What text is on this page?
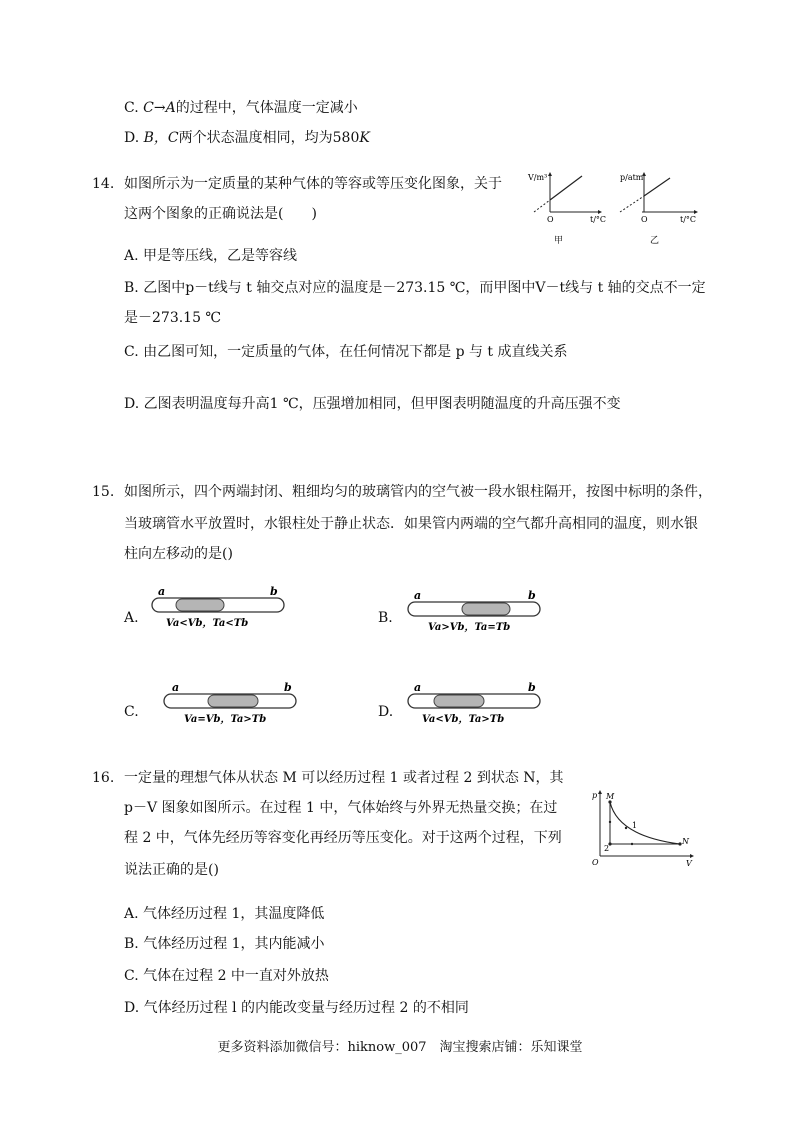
C. C→A的过程中，气体温度一定减小
D. B，C两个状态温度相同，均为580K
14. 如图所示为一定质量的某种气体的等容或等压变化图象，关于
这两个图象的正确说法是(　　)
V/m³
O	t/°C
甲
p/atm
O	t/°C
乙
A. 甲是等压线，乙是等容线
B. 乙图中p－t线与 t 轴交点对应的温度是－273.15 ℃，而甲图中V－t线与 t 轴的交点不一定
是－273.15 ℃
C. 由乙图可知，一定质量的气体，在任何情况下都是 p 与 t 成直线关系
D. 乙图表明温度每升高1 ℃，压强增加相同，但甲图表明随温度的升高压强不变
15. 如图所示，四个两端封闭、粗细均匀的玻璃管内的空气被一段水银柱隔开，按图中标明的条件，
当玻璃管水平放置时，水银柱处于静止状态．如果管内两端的空气都升高相同的温度，则水银
柱向左移动的是()
A.
a	b
Va<Vb，Ta<Tb	B.
a	b
Va>Vb，Ta=Tb
C.
a	b
Va=Vb，Ta>Tb	D.
a	b
Va<Vb，Ta>Tb
16. 一定量的理想气体从状态 M 可以经历过程 1 或者过程 2 到状态 N，其
p－V 图象如图所示。在过程 1 中，气体始终与外界无热量交换；在过
程 2 中，气体先经历等容变化再经历等压变化。对于这两个过程，下列
说法正确的是()
p M
N
1
2
O	V
A. 气体经历过程 1，其温度降低
B. 气体经历过程 1，其内能减小
C. 气体在过程 2 中一直对外放热
D. 气体经历过程 l 的内能改变量与经历过程 2 的不相同
更多资料添加微信号：hiknow_007　淘宝搜索店铺：乐知课堂
